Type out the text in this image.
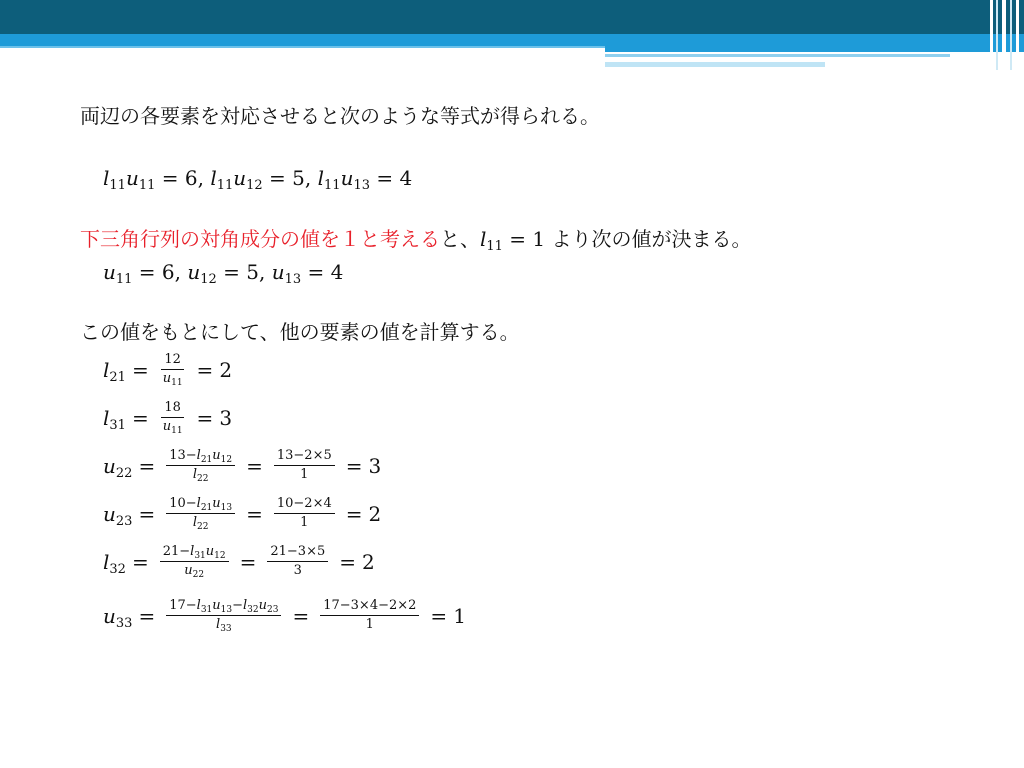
両辺の各要素を対応させると次のような等式が得られる。
$l_{11}u_{11} = 6$, $l_{11}u_{12} = 5$, $l_{11}u_{13} = 4$
下三角行列の対角成分の値を１と考えると、$l_{11} = 1$ より次の値が決まる。
$u_{11} = 6$, $u_{12} = 5$, $u_{13} = 4$
この値をもとにして、他の要素の値を計算する。
$l_{21} = \frac{12}{u_{11}} = 2$
$l_{31} = \frac{18}{u_{11}} = 3$
$u_{22} = \frac{13-l_{21}u_{12}}{l_{22}} = \frac{13-2\times 5}{1} = 3$
$u_{23} = \frac{10-l_{21}u_{13}}{l_{22}} = \frac{10-2\times 4}{1} = 2$
$l_{32} = \frac{21-l_{31}u_{12}}{u_{22}} = \frac{21-3\times 5}{3} = 2$
$u_{33} = \frac{17-l_{31}u_{13}-l_{32}u_{23}}{l_{33}} = \frac{17-3\times 4-2\times 2}{1} = 1$
